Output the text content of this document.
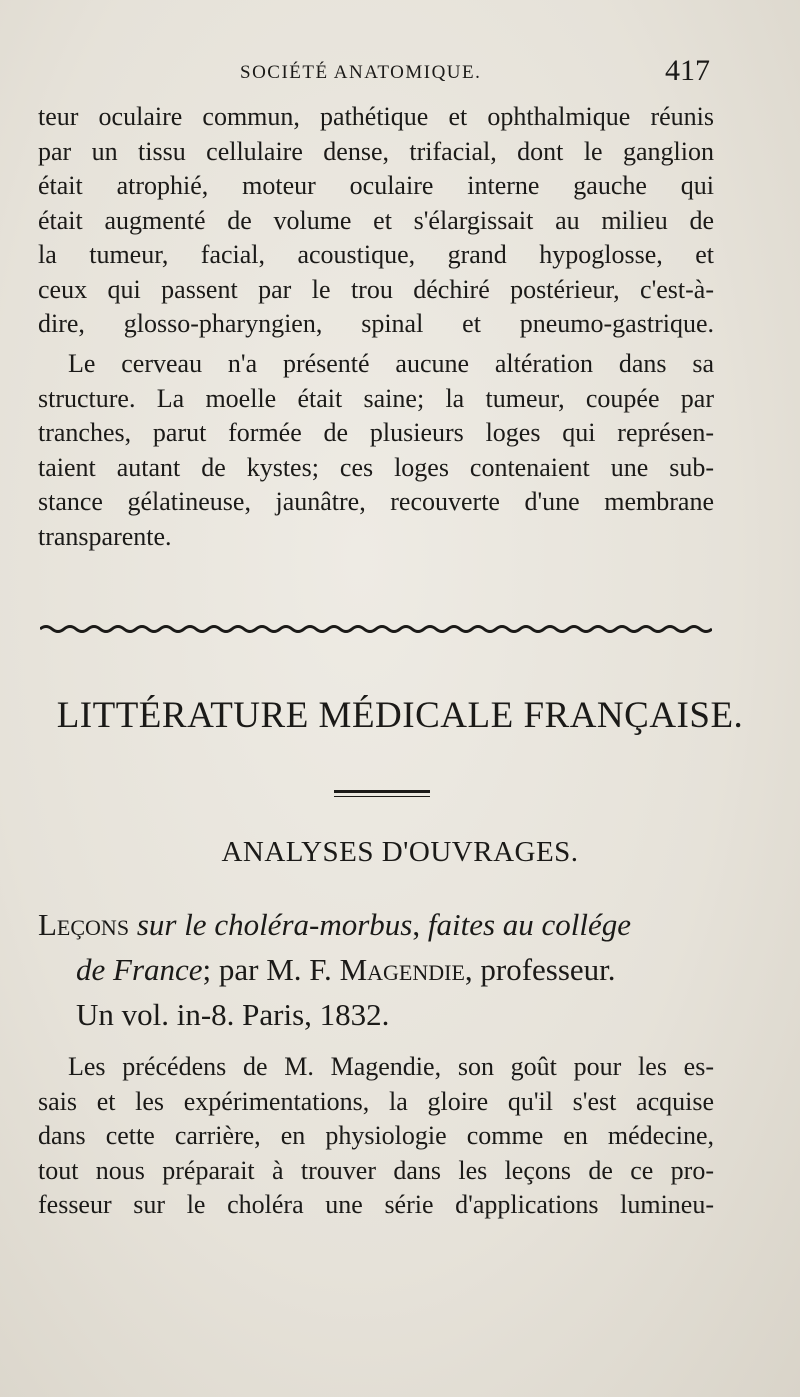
SOCIÉTÉ ANATOMIQUE.	417

teur oculaire commun, pathétique et ophthalmique réunis

par un tissu cellulaire dense, trifacial, dont le ganglion

était atrophié, moteur oculaire interne gauche qui

était augmenté de volume et s'élargissait au milieu de

la tumeur, facial, acoustique, grand hypoglosse, et

ceux qui passent par le trou déchiré postérieur, c'est-à-

dire, glosso-pharyngien, spinal et pneumo-gastrique.

Le cerveau n'a présenté aucune altération dans sa

structure. La moelle était saine; la tumeur, coupée par

tranches, parut formée de plusieurs loges qui représen-

taient autant de kystes; ces loges contenaient une sub-

stance gélatineuse, jaunâtre, recouverte d'une membrane

transparente.

LITTÉRATURE MÉDICALE FRANÇAISE.
ANALYSES D'OUVRAGES.
Leçons sur le choléra-morbus, faites au collége
de France; par M. F. Magendie, professeur.
Un vol. in-8. Paris, 1832.

Les précédens de M. Magendie, son goût pour les es-

sais et les expérimentations, la gloire qu'il s'est acquise

dans cette carrière, en physiologie comme en médecine,

tout nous préparait à trouver dans les leçons de ce pro-

fesseur sur le choléra une série d'applications lumineu-
